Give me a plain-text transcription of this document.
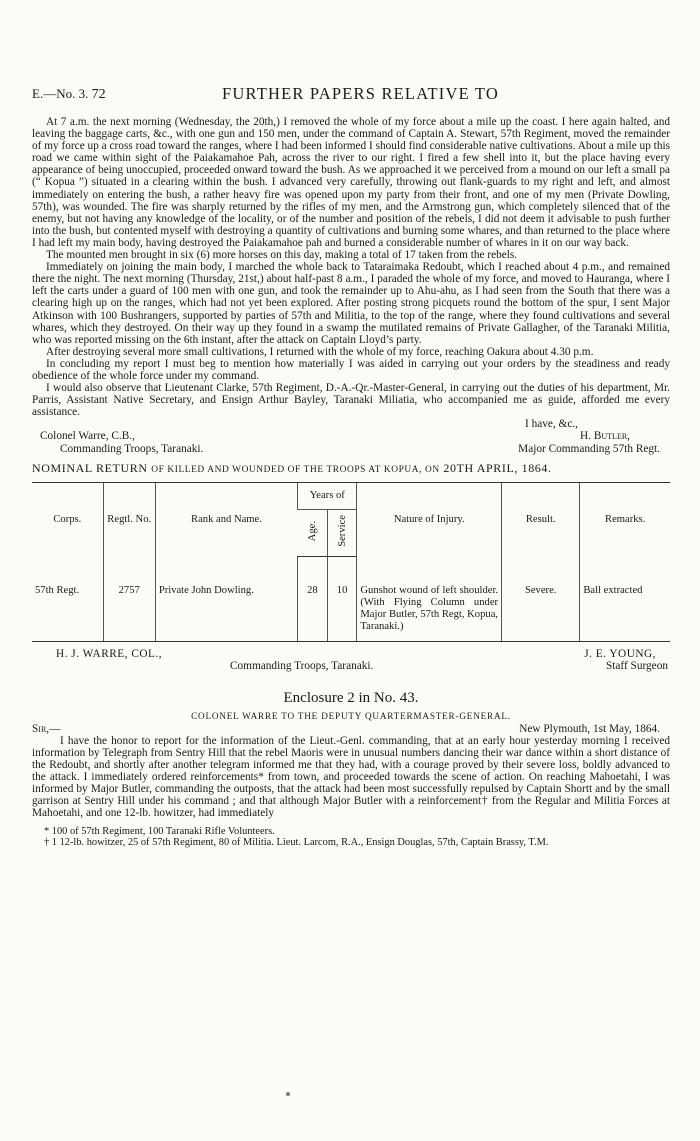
E.—No. 3. 72	FURTHER PAPERS RELATIVE TO

At 7 a.m. the next morning (Wednesday, the 20th,) I removed the whole of my force about a mile up the coast. I here again halted, and leaving the baggage carts, &c., with one gun and 150 men, under the command of Captain A. Stewart, 57th Regiment, moved the remainder of my force up a cross road toward the ranges, where I had been informed I should find considerable native cultivations. About a mile up this road we came within sight of the Paiakamahoe Pah, across the river to our right. I fired a few shell into it, but the place having every appearance of being unoccupied, proceeded onward toward the bush. As we approached it we perceived from a mound on our left a small pa (“ Kopua ”) situated in a clearing within the bush. I advanced very carefully, throwing out flank-guards to my right and left, and almost immediately on entering the bush, a rather heavy fire was opened upon my party from their front, and one of my men (Private Dowling, 57th), was wounded. The fire was sharply returned by the rifles of my men, and the Armstrong gun, which completely silenced that of the enemy, but not having any knowledge of the locality, or of the number and position of the rebels, I did not deem it advisable to push further into the bush, but contented myself with destroying a quantity of cultivations and burning some whares, and than returned to the place where I had left my main body, having destroyed the Paiakamahoe pah and burned a considerable number of whares in it on our way back.

The mounted men brought in six (6) more horses on this day, making a total of 17 taken from the rebels.

Immediately on joining the main body, I marched the whole back to Tataraimaka Redoubt, which I reached about 4 p.m., and remained there the night. The next morning (Thursday, 21st,) about half-past 8 a.m., I paraded the whole of my force, and moved to Hauranga, where I left the carts under a guard of 100 men with one gun, and took the remainder up to Ahu-ahu, as I had seen from the South that there was a clearing high up on the ranges, which had not yet been explored. After posting strong picquets round the bottom of the spur, I sent Major Atkinson with 100 Bushrangers, supported by parties of 57th and Militia, to the top of the range, where they found cultivations and several whares, which they destroyed. On their way up they found in a swamp the mutilated remains of Private Gallagher, of the Taranaki Militia, who was reported missing on the 6th instant, after the attack on Captain Lloyd’s party.

After destroying several more small cultivations, I returned with the whole of my force, reaching Oakura about 4.30 p.m.

In concluding my report I must beg to mention how materially I was aided in carrying out your orders by the steadiness and ready obedience of the whole force under my command.

I would also observe that Lieutenant Clarke, 57th Regiment, D.-A.-Qr.-Master-General, in carrying out the duties of his department, Mr. Parris, Assistant Native Secretary, and Ensign Arthur Bayley, Taranaki Miliatia, who accompanied me as guide, afforded me every assistance.

I have, &c.,
Colonel Warre, C.B.,	H. Butler,
Commanding Troops, Taranaki.	Major Commanding 57th Regt.
NOMINAL RETURN OF KILLED AND WOUNDED OF THE TROOPS AT KOPUA, ON 20TH APRIL, 1864.
Corps.	Regtl. No.	Rank and Name.	Years of		Nature of Injury.	Result.	Remarks.
			Age.	Service			

57th Regt.	2757	Private John Dowling.	28	10	Gunshot wound of left shoulder. (With Flying Column under Major Butler, 57th Regt, Kopua, Taranaki.)	Severe.	Ball extracted
H. J. WARRE, COL.,	J. E. YOUNG,
Commanding Troops, Taranaki.	Staff Surgeon
Enclosure 2 in No. 43.
COLONEL WARRE TO THE DEPUTY QUARTERMASTER-GENERAL.
Sir,—	New Plymouth, 1st May, 1864.

I have the honor to report for the information of the Lieut.-Genl. commanding, that at an early hour yesterday morning I received information by Telegraph from Sentry Hill that the rebel Maoris were in unusual numbers dancing their war dance within a short distance of the Redoubt, and shortly after another telegram informed me that they had, with a courage proved by their severe loss, boldly advanced to the attack. I immediately ordered reinforcements* from town, and proceeded towards the scene of action. On reaching Mahoetahi, I was informed by Major Butler, commanding the outposts, that the attack had been most successfully repulsed by Captain Shortt and by the small garrison at Sentry Hill under his command ; and that although Major Butler with a reinforcement† from the Regular and Militia Forces at Mahoetahi, and one 12-lb. howitzer, had immediately

* 100 of 57th Regiment, 100 Taranaki Rifle Volunteers.
† 1 12-lb. howitzer, 25 of 57th Regiment, 80 of Militia. Lieut. Larcom, R.A., Ensign Douglas, 57th, Captain Brassy, T.M.
